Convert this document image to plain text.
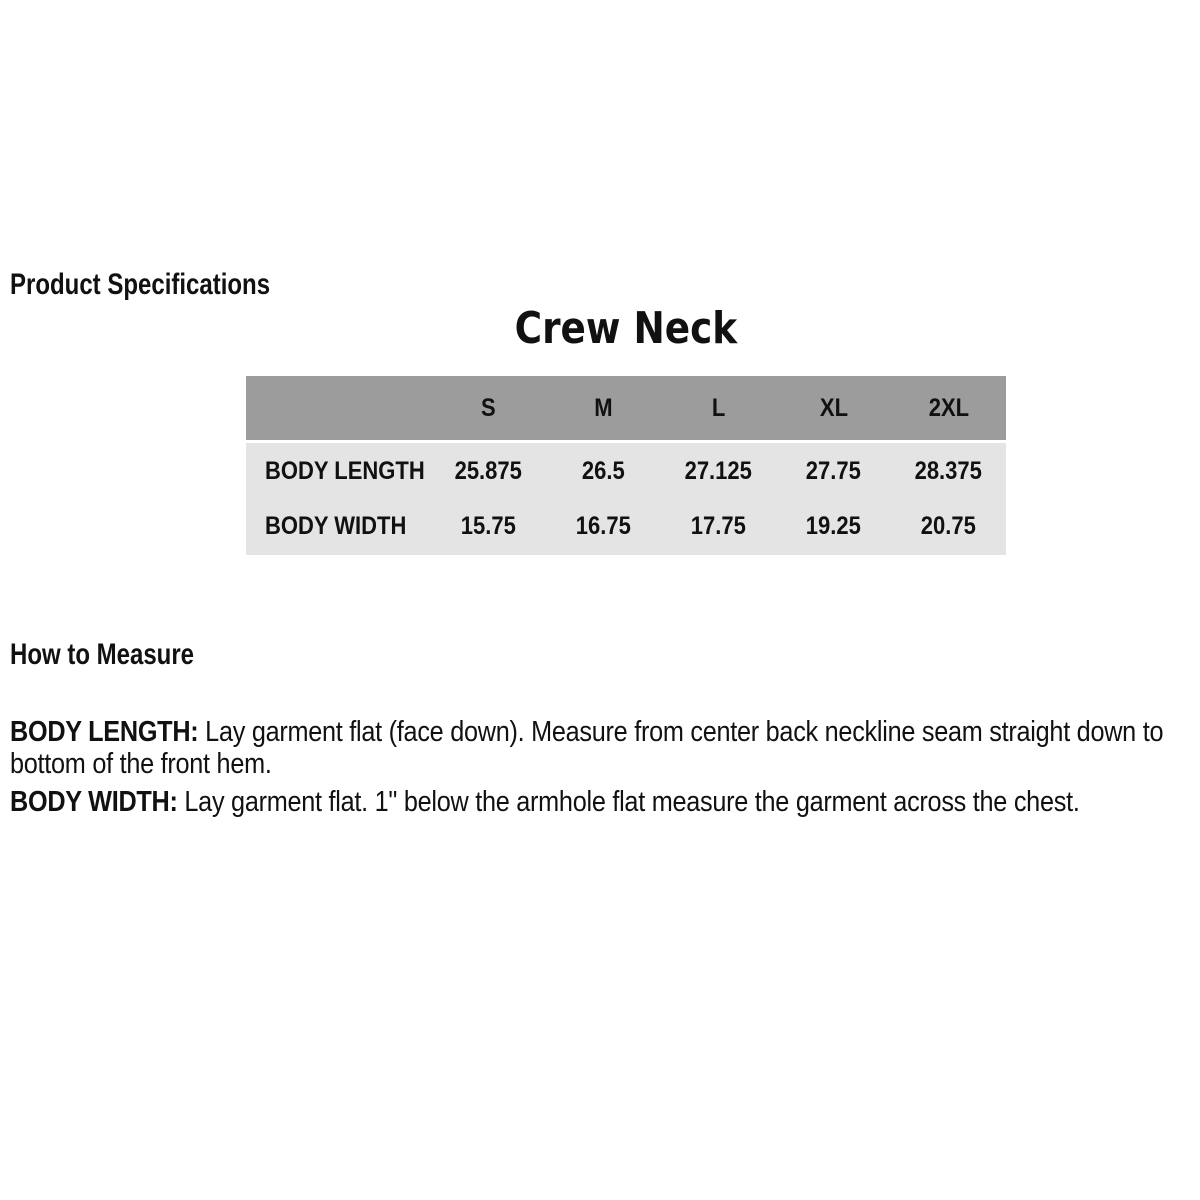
Product Specifications
Crew Neck
S	M	L	XL	2XL
BODY LENGTH 25.875 26.5 27.125 27.75 28.375
BODY WIDTH 15.75 16.75 17.75 19.25 20.75
How to Measure

BODY LENGTH: Lay garment flat (face down). Measure from center back neckline seam straight down to bottom of the front hem.

BODY WIDTH: Lay garment flat. 1" below the armhole flat measure the garment across the chest.
